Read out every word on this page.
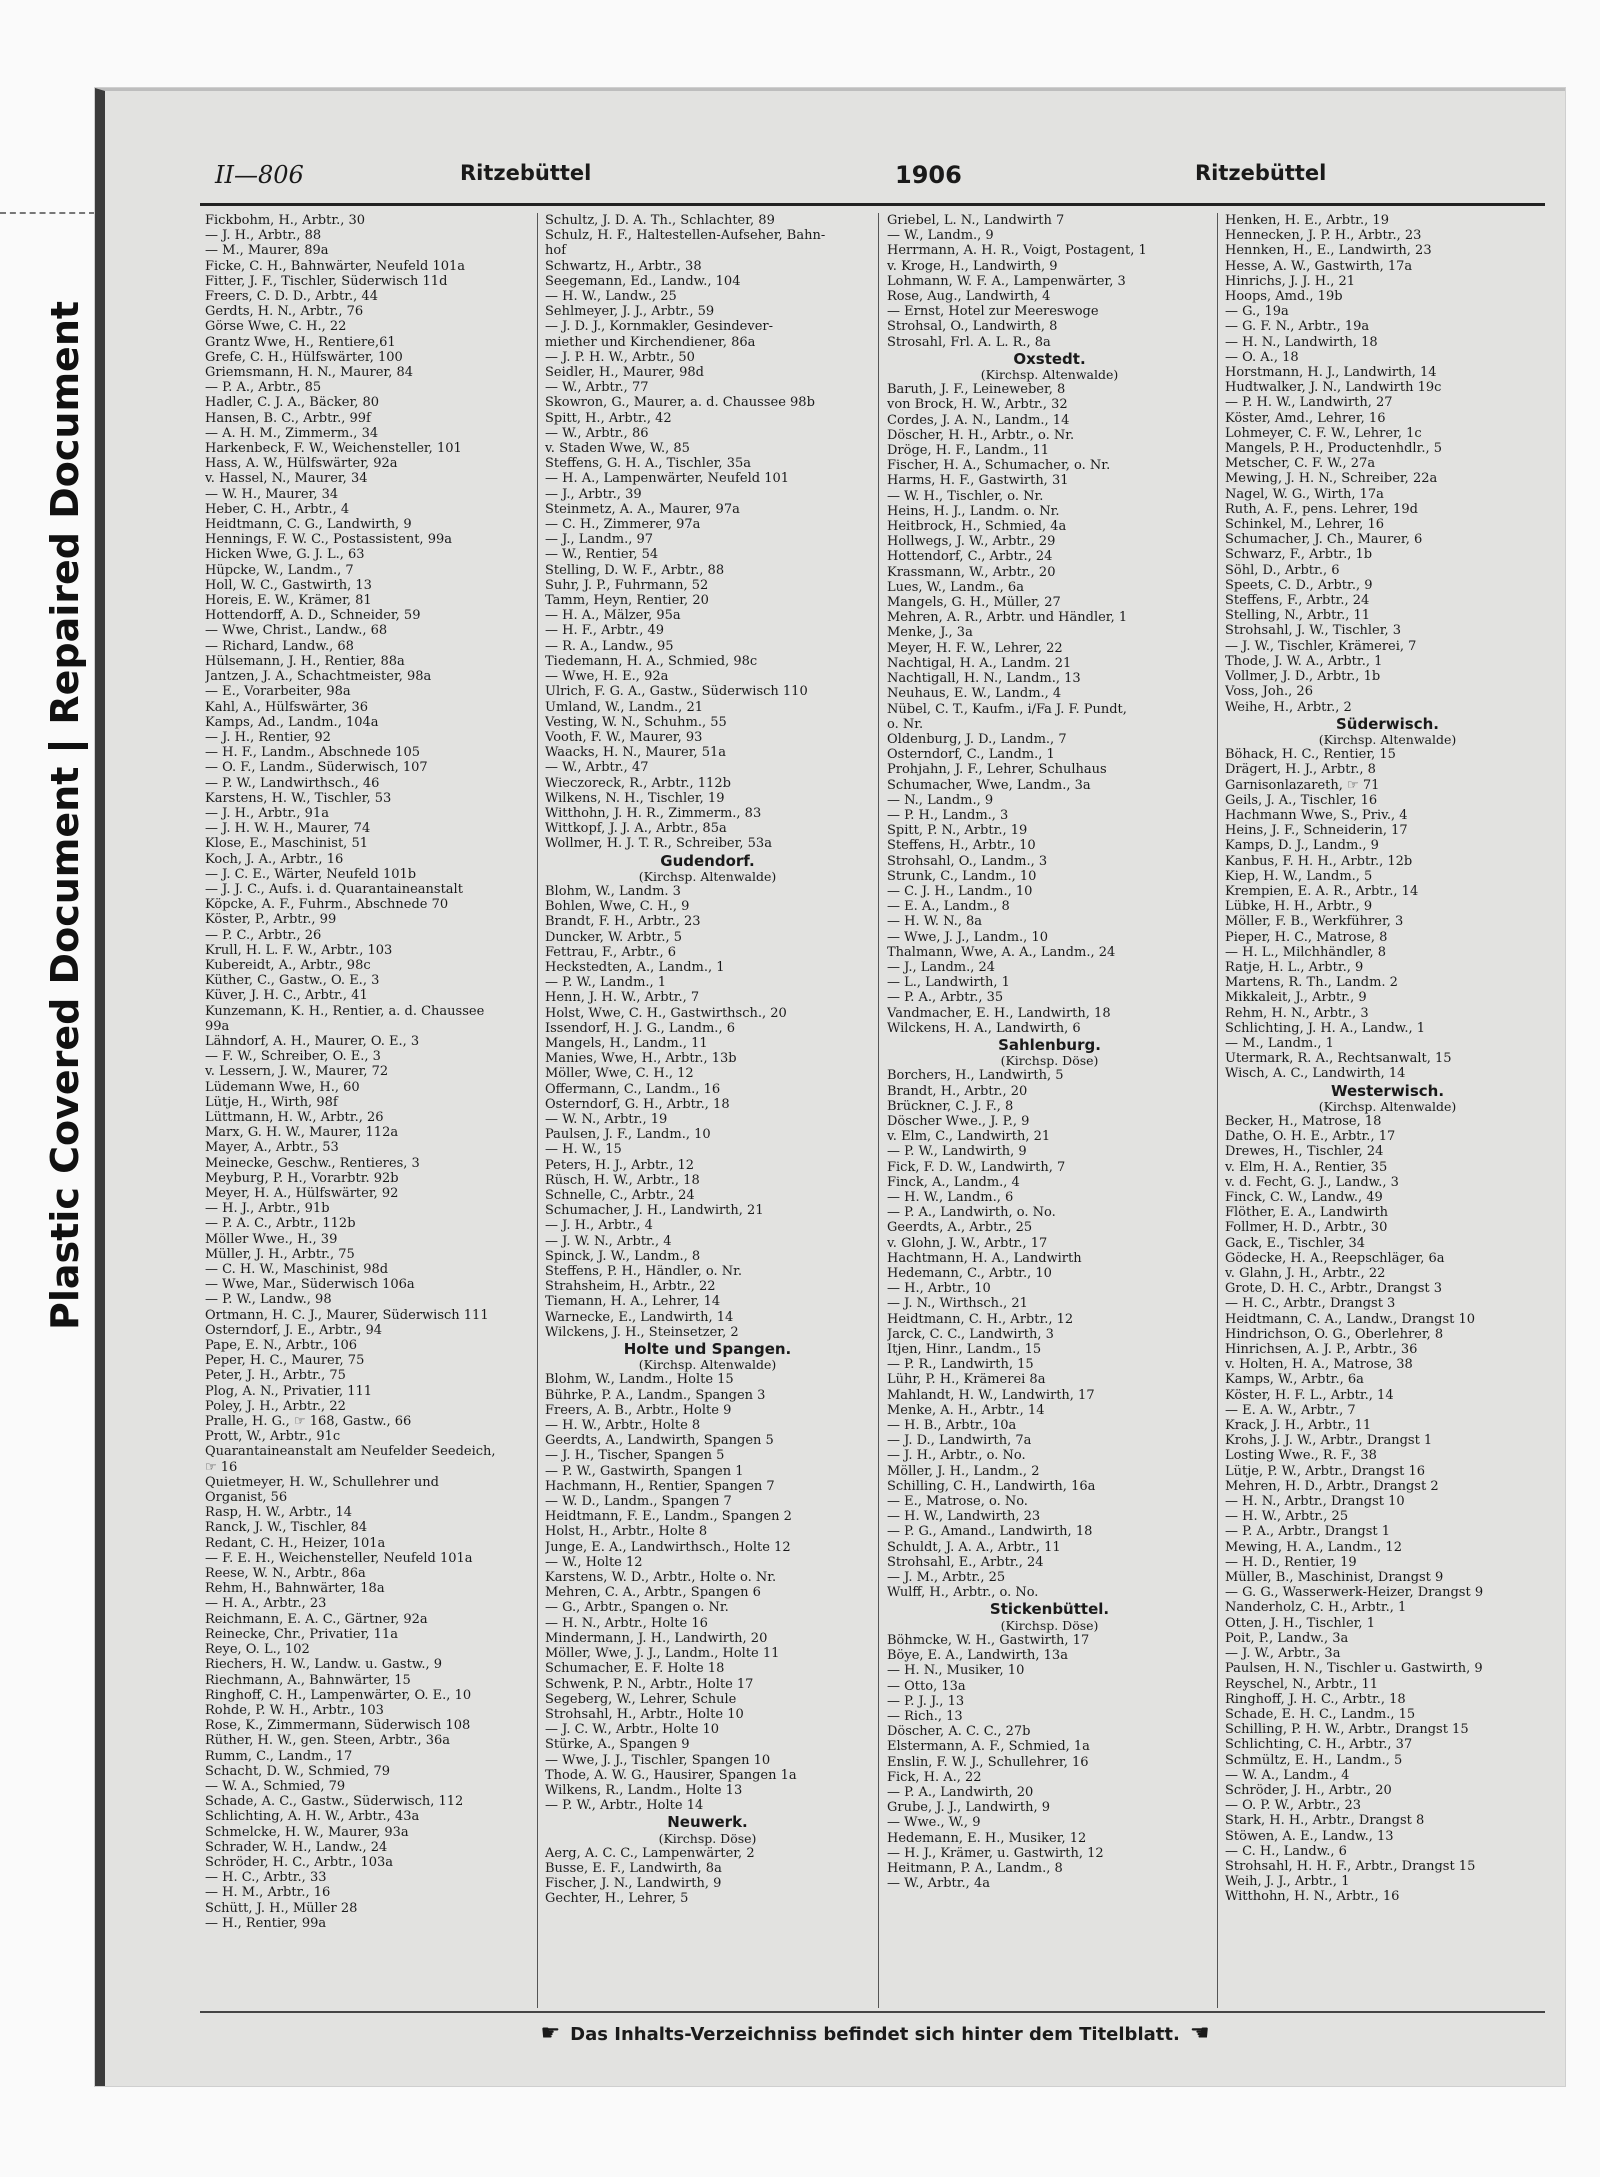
Plastic Covered DocumentRepaired Document
II—806	Ritzebüttel	1906	Ritzebüttel
Fickbohm, H., Arbtr., 30
— J. H., Arbtr., 88
— M., Maurer, 89a
Ficke, C. H., Bahnwärter, Neufeld 101a
Fitter, J. F., Tischler, Süderwisch 11d
Freers, C. D. D., Arbtr., 44
Gerdts, H. N., Arbtr., 76
Görse Wwe, C. H., 22
Grantz Wwe, H., Rentiere,61
Grefe, C. H., Hülfswärter, 100
Griemsmann, H. N., Maurer, 84
— P. A., Arbtr., 85
Hadler, C. J. A., Bäcker, 80
Hansen, B. C., Arbtr., 99f
— A. H. M., Zimmerm., 34
Harkenbeck, F. W., Weichensteller, 101
Hass, A. W., Hülfswärter, 92a
v. Hassel, N., Maurer, 34
— W. H., Maurer, 34
Heber, C. H., Arbtr., 4
Heidtmann, C. G., Landwirth, 9
Hennings, F. W. C., Postassistent, 99a
Hicken Wwe, G. J. L., 63
Hüpcke, W., Landm., 7
Holl, W. C., Gastwirth, 13
Horeis, E. W., Krämer, 81
Hottendorff, A. D., Schneider, 59
— Wwe, Christ., Landw., 68
— Richard, Landw., 68
Hülsemann, J. H., Rentier, 88a
Jantzen, J. A., Schachtmeister, 98a
— E., Vorarbeiter, 98a
Kahl, A., Hülfswärter, 36
Kamps, Ad., Landm., 104a
— J. H., Rentier, 92
— H. F., Landm., Abschnede 105
— O. F., Landm., Süderwisch, 107
— P. W., Landwirthsch., 46
Karstens, H. W., Tischler, 53
— J. H., Arbtr., 91a
— J. H. W. H., Maurer, 74
Klose, E., Maschinist, 51
Koch, J. A., Arbtr., 16
— J. C. E., Wärter, Neufeld 101b
— J. J. C., Aufs. i. d. Quarantaineanstalt
Köpcke, A. F., Fuhrm., Abschnede 70
Köster, P., Arbtr., 99
— P. C., Arbtr., 26
Krull, H. L. F. W., Arbtr., 103
Kubereidt, A., Arbtr., 98c
Küther, C., Gastw., O. E., 3
Küver, J. H. C., Arbtr., 41
Kunzemann, K. H., Rentier, a. d. Chaussee
99a
Lähndorf, A. H., Maurer, O. E., 3
— F. W., Schreiber, O. E., 3
v. Lessern, J. W., Maurer, 72
Lüdemann Wwe, H., 60
Lütje, H., Wirth, 98f
Lüttmann, H. W., Arbtr., 26
Marx, G. H. W., Maurer, 112a
Mayer, A., Arbtr., 53
Meinecke, Geschw., Rentieres, 3
Meyburg, P. H., Vorarbtr. 92b
Meyer, H. A., Hülfswärter, 92
— H. J., Arbtr., 91b
— P. A. C., Arbtr., 112b
Möller Wwe., H., 39
Müller, J. H., Arbtr., 75
— C. H. W., Maschinist, 98d
— Wwe, Mar., Süderwisch 106a
— P. W., Landw., 98
Ortmann, H. C. J., Maurer, Süderwisch 111
Osterndorf, J. E., Arbtr., 94
Pape, E. N., Arbtr., 106
Peper, H. C., Maurer, 75
Peter, J. H., Arbtr., 75
Plog, A. N., Privatier, 111
Poley, J. H., Arbtr., 22
Pralle, H. G., ☞ 168, Gastw., 66
Prott, W., Arbtr., 91c
Quarantaineanstalt am Neufelder Seedeich,
☞ 16
Quietmeyer, H. W., Schullehrer und
Organist, 56
Rasp, H. W., Arbtr., 14
Ranck, J. W., Tischler, 84
Redant, C. H., Heizer, 101a
— F. E. H., Weichensteller, Neufeld 101a
Reese, W. N., Arbtr., 86a
Rehm, H., Bahnwärter, 18a
— H. A., Arbtr., 23
Reichmann, E. A. C., Gärtner, 92a
Reinecke, Chr., Privatier, 11a
Reye, O. L., 102
Riechers, H. W., Landw. u. Gastw., 9
Riechmann, A., Bahnwärter, 15
Ringhoff, C. H., Lampenwärter, O. E., 10
Rohde, P. W. H., Arbtr., 103
Rose, K., Zimmermann, Süderwisch 108
Rüther, H. W., gen. Steen, Arbtr., 36a
Rumm, C., Landm., 17
Schacht, D. W., Schmied, 79
— W. A., Schmied, 79
Schade, A. C., Gastw., Süderwisch, 112
Schlichting, A. H. W., Arbtr., 43a
Schmelcke, H. W., Maurer, 93a
Schrader, W. H., Landw., 24
Schröder, H. C., Arbtr., 103a
— H. C., Arbtr., 33
— H. M., Arbtr., 16
Schütt, J. H., Müller 28
— H., Rentier, 99a
Schultz, J. D. A. Th., Schlachter, 89
Schulz, H. F., Haltestellen-Aufseher, Bahn-
hof
Schwartz, H., Arbtr., 38
Seegemann, Ed., Landw., 104
— H. W., Landw., 25
Sehlmeyer, J. J., Arbtr., 59
— J. D. J., Kornmakler, Gesindever-
miether und Kirchendiener, 86a
— J. P. H. W., Arbtr., 50
Seidler, H., Maurer, 98d
— W., Arbtr., 77
Skowron, G., Maurer, a. d. Chaussee 98b
Spitt, H., Arbtr., 42
— W., Arbtr., 86
v. Staden Wwe, W., 85
Steffens, G. H. A., Tischler, 35a
— H. A., Lampenwärter, Neufeld 101
— J., Arbtr., 39
Steinmetz, A. A., Maurer, 97a
— C. H., Zimmerer, 97a
— J., Landm., 97
— W., Rentier, 54
Stelling, D. W. F., Arbtr., 88
Suhr, J. P., Fuhrmann, 52
Tamm, Heyn, Rentier, 20
— H. A., Mälzer, 95a
— H. F., Arbtr., 49
— R. A., Landw., 95
Tiedemann, H. A., Schmied, 98c
— Wwe, H. E., 92a
Ulrich, F. G. A., Gastw., Süderwisch 110
Umland, W., Landm., 21
Vesting, W. N., Schuhm., 55
Vooth, F. W., Maurer, 93
Waacks, H. N., Maurer, 51a
— W., Arbtr., 47
Wieczoreck, R., Arbtr., 112b
Wilkens, N. H., Tischler, 19
Witthohn, J. H. R., Zimmerm., 83
Wittkopf, J. J. A., Arbtr., 85a
Wollmer, H. J. T. R., Schreiber, 53a
Gudendorf.
(Kirchsp. Altenwalde)
Blohm, W., Landm. 3
Bohlen, Wwe, C. H., 9
Brandt, F. H., Arbtr., 23
Duncker, W. Arbtr., 5
Fettrau, F., Arbtr., 6
Heckstedten, A., Landm., 1
— P. W., Landm., 1
Henn, J. H. W., Arbtr., 7
Holst, Wwe, C. H., Gastwirthsch., 20
Issendorf, H. J. G., Landm., 6
Mangels, H., Landm., 11
Manies, Wwe, H., Arbtr., 13b
Möller, Wwe, C. H., 12
Offermann, C., Landm., 16
Osterndorf, G. H., Arbtr., 18
— W. N., Arbtr., 19
Paulsen, J. F., Landm., 10
— H. W., 15
Peters, H. J., Arbtr., 12
Rüsch, H. W., Arbtr., 18
Schnelle, C., Arbtr., 24
Schumacher, J. H., Landwirth, 21
— J. H., Arbtr., 4
— J. W. N., Arbtr., 4
Spinck, J. W., Landm., 8
Steffens, P. H., Händler, o. Nr.
Strahsheim, H., Arbtr., 22
Tiemann, H. A., Lehrer, 14
Warnecke, E., Landwirth, 14
Wilckens, J. H., Steinsetzer, 2
Holte und Spangen.
(Kirchsp. Altenwalde)
Blohm, W., Landm., Holte 15
Bührke, P. A., Landm., Spangen 3
Freers, A. B., Arbtr., Holte 9
— H. W., Arbtr., Holte 8
Geerdts, A., Landwirth, Spangen 5
— J. H., Tischer, Spangen 5
— P. W., Gastwirth, Spangen 1
Hachmann, H., Rentier, Spangen 7
— W. D., Landm., Spangen 7
Heidtmann, F. E., Landm., Spangen 2
Holst, H., Arbtr., Holte 8
Junge, E. A., Landwirthsch., Holte 12
— W., Holte 12
Karstens, W. D., Arbtr., Holte o. Nr.
Mehren, C. A., Arbtr., Spangen 6
— G., Arbtr., Spangen o. Nr.
— H. N., Arbtr., Holte 16
Mindermann, J. H., Landwirth, 20
Möller, Wwe, J. J., Landm., Holte 11
Schumacher, E. F. Holte 18
Schwenk, P. N., Arbtr., Holte 17
Segeberg, W., Lehrer, Schule
Strohsahl, H., Arbtr., Holte 10
— J. C. W., Arbtr., Holte 10
Stürke, A., Spangen 9
— Wwe, J. J., Tischler, Spangen 10
Thode, A. W. G., Hausirer, Spangen 1a
Wilkens, R., Landm., Holte 13
— P. W., Arbtr., Holte 14
Neuwerk.
(Kirchsp. Döse)
Aerg, A. C. C., Lampenwärter, 2
Busse, E. F., Landwirth, 8a
Fischer, J. N., Landwirth, 9
Gechter, H., Lehrer, 5
Griebel, L. N., Landwirth 7
— W., Landm., 9
Herrmann, A. H. R., Voigt, Postagent, 1
v. Kroge, H., Landwirth, 9
Lohmann, W. F. A., Lampenwärter, 3
Rose, Aug., Landwirth, 4
— Ernst, Hotel zur Meereswoge
Strohsal, O., Landwirth, 8
Strosahl, Frl. A. L. R., 8a
Oxstedt.
(Kirchsp. Altenwalde)
Baruth, J. F., Leineweber, 8
von Brock, H. W., Arbtr., 32
Cordes, J. A. N., Landm., 14
Döscher, H. H., Arbtr., o. Nr.
Dröge, H. F., Landm., 11
Fischer, H. A., Schumacher, o. Nr.
Harms, H. F., Gastwirth, 31
— W. H., Tischler, o. Nr.
Heins, H. J., Landm. o. Nr.
Heitbrock, H., Schmied, 4a
Hollwegs, J. W., Arbtr., 29
Hottendorf, C., Arbtr., 24
Krassmann, W., Arbtr., 20
Lues, W., Landm., 6a
Mangels, G. H., Müller, 27
Mehren, A. R., Arbtr. und Händler, 1
Menke, J., 3a
Meyer, H. F. W., Lehrer, 22
Nachtigal, H. A., Landm. 21
Nachtigall, H. N., Landm., 13
Neuhaus, E. W., Landm., 4
Nübel, C. T., Kaufm., i/Fa J. F. Pundt,
o. Nr.
Oldenburg, J. D., Landm., 7
Osterndorf, C., Landm., 1
Prohjahn, J. F., Lehrer, Schulhaus
Schumacher, Wwe, Landm., 3a
— N., Landm., 9
— P. H., Landm., 3
Spitt, P. N., Arbtr., 19
Steffens, H., Arbtr., 10
Strohsahl, O., Landm., 3
Strunk, C., Landm., 10
— C. J. H., Landm., 10
— E. A., Landm., 8
— H. W. N., 8a
— Wwe, J. J., Landm., 10
Thalmann, Wwe, A. A., Landm., 24
— J., Landm., 24
— L., Landwirth, 1
— P. A., Arbtr., 35
Vandmacher, E. H., Landwirth, 18
Wilckens, H. A., Landwirth, 6
Sahlenburg.
(Kirchsp. Döse)
Borchers, H., Landwirth, 5
Brandt, H., Arbtr., 20
Brückner, C. J. F., 8
Döscher Wwe., J. P., 9
v. Elm, C., Landwirth, 21
— P. W., Landwirth, 9
Fick, F. D. W., Landwirth, 7
Finck, A., Landm., 4
— H. W., Landm., 6
— P. A., Landwirth, o. No.
Geerdts, A., Arbtr., 25
v. Glohn, J. W., Arbtr., 17
Hachtmann, H. A., Landwirth
Hedemann, C., Arbtr., 10
— H., Arbtr., 10
— J. N., Wirthsch., 21
Heidtmann, C. H., Arbtr., 12
Jarck, C. C., Landwirth, 3
Itjen, Hinr., Landm., 15
— P. R., Landwirth, 15
Lühr, P. H., Krämerei 8a
Mahlandt, H. W., Landwirth, 17
Menke, A. H., Arbtr., 14
— H. B., Arbtr., 10a
— J. D., Landwirth, 7a
— J. H., Arbtr., o. No.
Möller, J. H., Landm., 2
Schilling, C. H., Landwirth, 16a
— E., Matrose, o. No.
— H. W., Landwirth, 23
— P. G., Amand., Landwirth, 18
Schuldt, J. A. A., Arbtr., 11
Strohsahl, E., Arbtr., 24
— J. M., Arbtr., 25
Wulff, H., Arbtr., o. No.
Stickenbüttel.
(Kirchsp. Döse)
Böhmcke, W. H., Gastwirth, 17
Böye, E. A., Landwirth, 13a
— H. N., Musiker, 10
— Otto, 13a
— P. J. J., 13
— Rich., 13
Döscher, A. C. C., 27b
Elstermann, A. F., Schmied, 1a
Enslin, F. W. J., Schullehrer, 16
Fick, H. A., 22
— P. A., Landwirth, 20
Grube, J. J., Landwirth, 9
— Wwe., W., 9
Hedemann, E. H., Musiker, 12
— H. J., Krämer, u. Gastwirth, 12
Heitmann, P. A., Landm., 8
— W., Arbtr., 4a
Henken, H. E., Arbtr., 19
Hennecken, J. P. H., Arbtr., 23
Hennken, H., E., Landwirth, 23
Hesse, A. W., Gastwirth, 17a
Hinrichs, J. J. H., 21
Hoops, Amd., 19b
— G., 19a
— G. F. N., Arbtr., 19a
— H. N., Landwirth, 18
— O. A., 18
Horstmann, H. J., Landwirth, 14
Hudtwalker, J. N., Landwirth 19c
— P. H. W., Landwirth, 27
Köster, Amd., Lehrer, 16
Lohmeyer, C. F. W., Lehrer, 1c
Mangels, P. H., Productenhdlr., 5
Metscher, C. F. W., 27a
Mewing, J. H. N., Schreiber, 22a
Nagel, W. G., Wirth, 17a
Ruth, A. F., pens. Lehrer, 19d
Schinkel, M., Lehrer, 16
Schumacher, J. Ch., Maurer, 6
Schwarz, F., Arbtr., 1b
Söhl, D., Arbtr., 6
Speets, C. D., Arbtr., 9
Steffens, F., Arbtr., 24
Stelling, N., Arbtr., 11
Strohsahl, J. W., Tischler, 3
— J. W., Tischler, Krämerei, 7
Thode, J. W. A., Arbtr., 1
Vollmer, J. D., Arbtr., 1b
Voss, Joh., 26
Weihe, H., Arbtr., 2
Süderwisch.
(Kirchsp. Altenwalde)
Böhack, H. C., Rentier, 15
Drägert, H. J., Arbtr., 8
Garnisonlazareth, ☞ 71
Geils, J. A., Tischler, 16
Hachmann Wwe, S., Priv., 4
Heins, J. F., Schneiderin, 17
Kamps, D. J., Landm., 9
Kanbus, F. H. H., Arbtr., 12b
Kiep, H. W., Landm., 5
Krempien, E. A. R., Arbtr., 14
Lübke, H. H., Arbtr., 9
Möller, F. B., Werkführer, 3
Pieper, H. C., Matrose, 8
— H. L., Milchhändler, 8
Ratje, H. L., Arbtr., 9
Martens, R. Th., Landm. 2
Mikkaleit, J., Arbtr., 9
Rehm, H. N., Arbtr., 3
Schlichting, J. H. A., Landw., 1
— M., Landm., 1
Utermark, R. A., Rechtsanwalt, 15
Wisch, A. C., Landwirth, 14
Westerwisch.
(Kirchsp. Altenwalde)
Becker, H., Matrose, 18
Dathe, O. H. E., Arbtr., 17
Drewes, H., Tischler, 24
v. Elm, H. A., Rentier, 35
v. d. Fecht, G. J., Landw., 3
Finck, C. W., Landw., 49
Flöther, E. A., Landwirth
Follmer, H. D., Arbtr., 30
Gack, E., Tischler, 34
Gödecke, H. A., Reepschläger, 6a
v. Glahn, J. H., Arbtr., 22
Grote, D. H. C., Arbtr., Drangst 3
— H. C., Arbtr., Drangst 3
Heidtmann, C. A., Landw., Drangst 10
Hindrichson, O. G., Oberlehrer, 8
Hinrichsen, A. J. P., Arbtr., 36
v. Holten, H. A., Matrose, 38
Kamps, W., Arbtr., 6a
Köster, H. F. L., Arbtr., 14
— E. A. W., Arbtr., 7
Krack, J. H., Arbtr., 11
Krohs, J. J. W., Arbtr., Drangst 1
Losting Wwe., R. F., 38
Lütje, P. W., Arbtr., Drangst 16
Mehren, H. D., Arbtr., Drangst 2
— H. N., Arbtr., Drangst 10
— H. W., Arbtr., 25
— P. A., Arbtr., Drangst 1
Mewing, H. A., Landm., 12
— H. D., Rentier, 19
Müller, B., Maschinist, Drangst 9
— G. G., Wasserwerk-Heizer, Drangst 9
Nanderholz, C. H., Arbtr., 1
Otten, J. H., Tischler, 1
Poit, P., Landw., 3a
— J. W., Arbtr., 3a
Paulsen, H. N., Tischler u. Gastwirth, 9
Reyschel, N., Arbtr., 11
Ringhoff, J. H. C., Arbtr., 18
Schade, E. H. C., Landm., 15
Schilling, P. H. W., Arbtr., Drangst 15
Schlichting, C. H., Arbtr., 37
Schmültz, E. H., Landm., 5
— W. A., Landm., 4
Schröder, J. H., Arbtr., 20
— O. P. W., Arbtr., 23
Stark, H. H., Arbtr., Drangst 8
Stöwen, A. E., Landw., 13
— C. H., Landw., 6
Strohsahl, H. H. F., Arbtr., Drangst 15
Weih, J. J., Arbtr., 1
Witthohn, H. N., Arbtr., 16
☛ Das Inhalts-Verzeichniss befindet sich hinter dem Titelblatt. ☚
